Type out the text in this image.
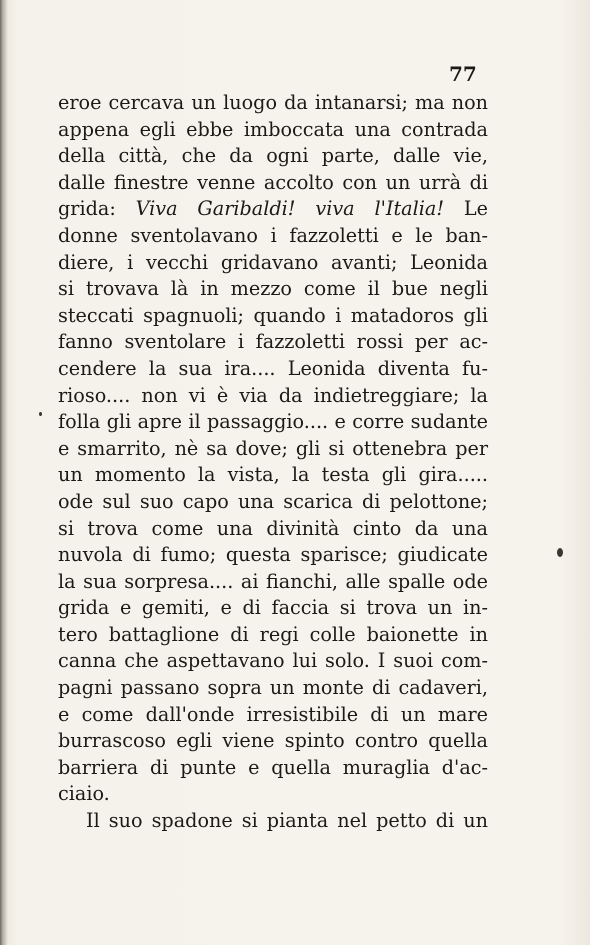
77
eroe cercava un luogo da intanarsi; ma non
appena egli ebbe imboccata una contrada
della città, che da ogni parte, dalle vie,
dalle finestre venne accolto con un urrà di
grida: Viva Garibaldi! viva l'Italia! Le
donne sventolavano i fazzoletti e le ban-
diere, i vecchi gridavano avanti; Leonida
si trovava là in mezzo come il bue negli
steccati spagnuoli; quando i matadoros gli
fanno sventolare i fazzoletti rossi per ac-
cendere la sua ira.... Leonida diventa fu-
rioso.... non vi è via da indietreggiare; la
folla gli apre il passaggio.... e corre sudante
e smarrito, nè sa dove; gli si ottenebra per
un momento la vista, la testa gli gira.....
ode sul suo capo una scarica di pelottone;
si trova come una divinità cinto da una
nuvola di fumo; questa sparisce; giudicate
la sua sorpresa.... ai fianchi, alle spalle ode
grida e gemiti, e di faccia si trova un in-
tero battaglione di regi colle baionette in
canna che aspettavano lui solo. I suoi com-
pagni passano sopra un monte di cadaveri,
e come dall'onde irresistibile di un mare
burrascoso egli viene spinto contro quella
barriera di punte e quella muraglia d'ac-
ciaio.
Il suo spadone si pianta nel petto di un
